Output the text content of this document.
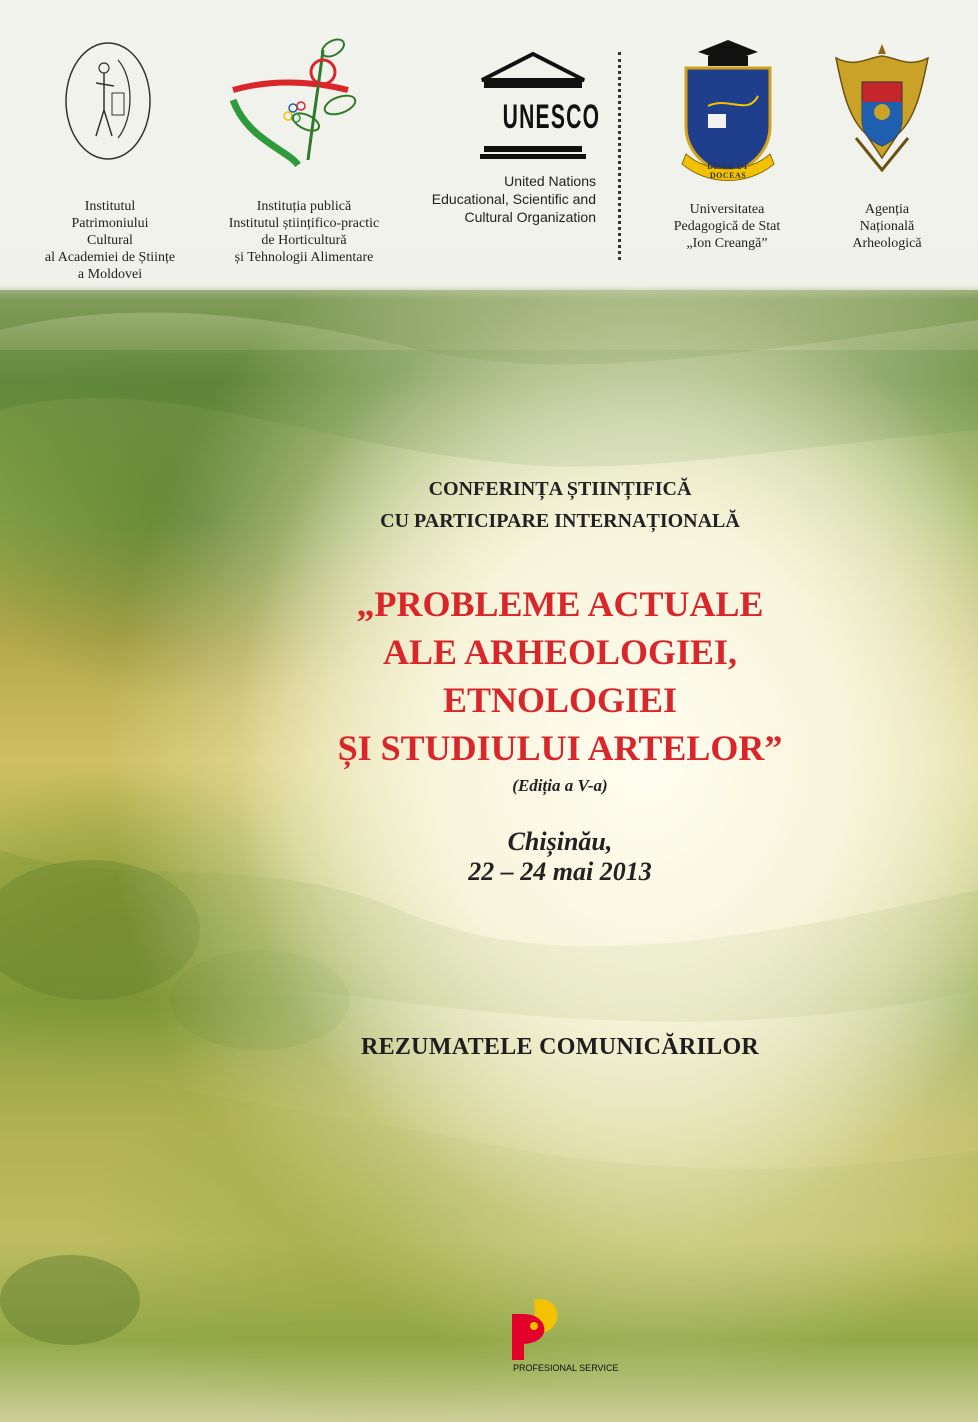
Institutul
Patrimoniului
Cultural
al Academiei de Științe
a Moldovei
Instituția publică
Institutul științifico-practic
de Horticultură
și Tehnologii Alimentare
UNESCO
United Nations
Educational, Scientific and
Cultural Organization
DISCE UT DOCEAS
Universitatea
Pedagogică de Stat
„Ion Creangă”
Agenția
Națională
Arheologică
CONFERINȚA ȘTIINȚIFICĂ
CU PARTICIPARE INTERNAȚIONALĂ
„PROBLEME ACTUALE
ALE ARHEOLOGIEI,
ETNOLOGIEI
ȘI STUDIULUI ARTELOR”
(Ediția a V-a)
Chișinău,
22 – 24 mai 2013
REZUMATELE COMUNICĂRILOR
PROFESIONAL SERVICE
